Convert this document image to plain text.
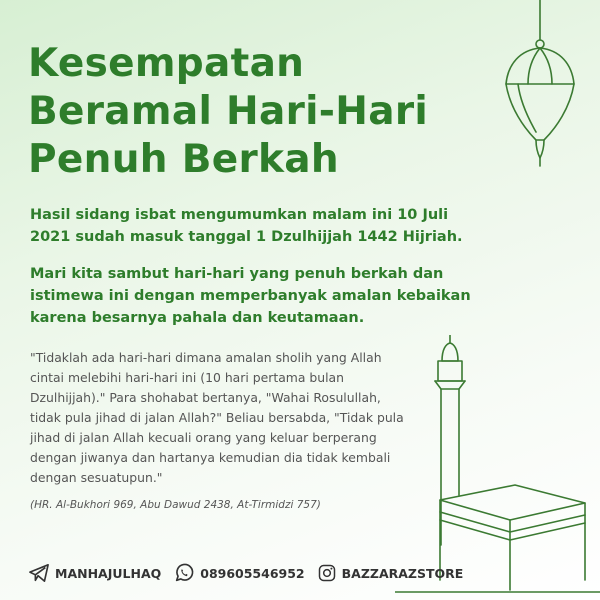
Kesempatan
Beramal Hari-Hari
Penuh Berkah

Hasil sidang isbat mengumumkan malam ini 10 Juli 2021 sudah masuk tanggal 1 Dzulhijjah 1442 Hijriah.

Mari kita sambut hari-hari yang penuh berkah dan istimewa ini dengan memperbanyak amalan kebaikan karena besarnya pahala dan keutamaan.

"Tidaklah ada hari-hari dimana amalan sholih yang Allah cintai melebihi hari-hari ini (10 hari pertama bulan Dzulhijjah)." Para shohabat bertanya, "Wahai Rosulullah, tidak pula jihad di jalan Allah?" Beliau bersabda, "Tidak pula jihad di jalan Allah kecuali orang yang keluar berperang dengan jiwanya dan hartanya kemudian dia tidak kembali dengan sesuatupun."

(HR. Al-Bukhori 969, Abu Dawud 2438, At-Tirmidzi 757)

MANHAJULHAQ	089605546952	BAZZARAZSTORE
